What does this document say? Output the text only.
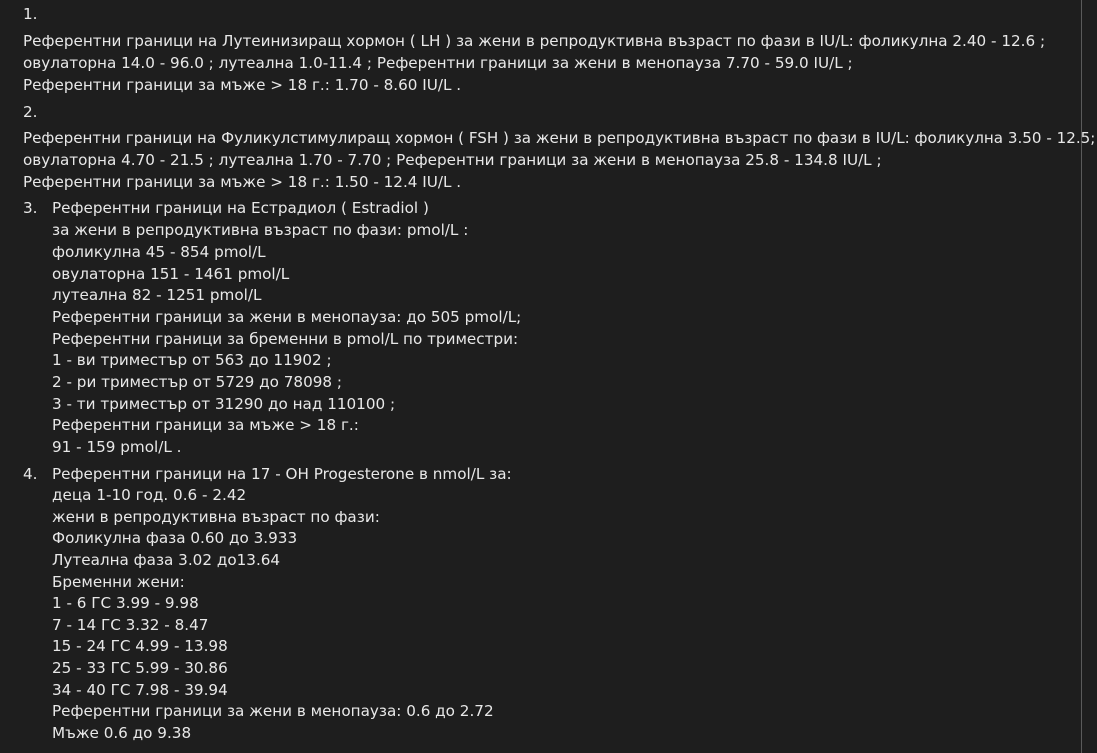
1.
Референтни граници на Лутеинизиращ хормон ( LH ) за жени в репродуктивна възраст по фази в IU/L: фоликулна 2.40 - 12.6 ;
овулаторна 14.0 - 96.0 ; лутеална 1.0-11.4 ; Референтни граници за жени в менопауза 7.70 - 59.0 IU/L ;
Референтни граници за мъже > 18 г.: 1.70 - 8.60 IU/L .
2.
Референтни граници на Фуликулстимулиращ хормон ( FSH ) за жени в репродуктивна възраст по фази в IU/L: фоликулна 3.50 - 12.5;
овулаторна 4.70 - 21.5 ; лутеална 1.70 - 7.70 ; Референтни граници за жени в менопауза 25.8 - 134.8 IU/L ;
Референтни граници за мъже > 18 г.: 1.50 - 12.4 IU/L .
3. Референтни граници на Естрадиол ( Estradiol )
за жени в репродуктивна възраст по фази: pmol/L :
фоликулна 45 - 854 pmol/L
овулаторна 151 - 1461 pmol/L
лутеална 82 - 1251 pmol/L
Референтни граници за жени в менопауза: до 505 pmol/L;
Референтни граници за бременни в pmol/L по триместри:
1 - ви триместър от 563 до 11902 ;
2 - ри триместър от 5729 до 78098 ;
3 - ти триместър от 31290 до над 110100 ;
Референтни граници за мъже > 18 г.:
91 - 159 pmol/L .
4. Референтни граници на 17 - OH Progesterone в nmol/L за:
деца 1-10 год. 0.6 - 2.42
жени в репродуктивна възраст по фази:
Фоликулна фаза 0.60 до 3.933
Лутеална фаза 3.02 до13.64
Бременни жени:
1 - 6 ГС 3.99 - 9.98
7 - 14 ГС 3.32 - 8.47
15 - 24 ГС 4.99 - 13.98
25 - 33 ГС 5.99 - 30.86
34 - 40 ГС 7.98 - 39.94
Референтни граници за жени в менопауза: 0.6 до 2.72
Мъже 0.6 до 9.38
